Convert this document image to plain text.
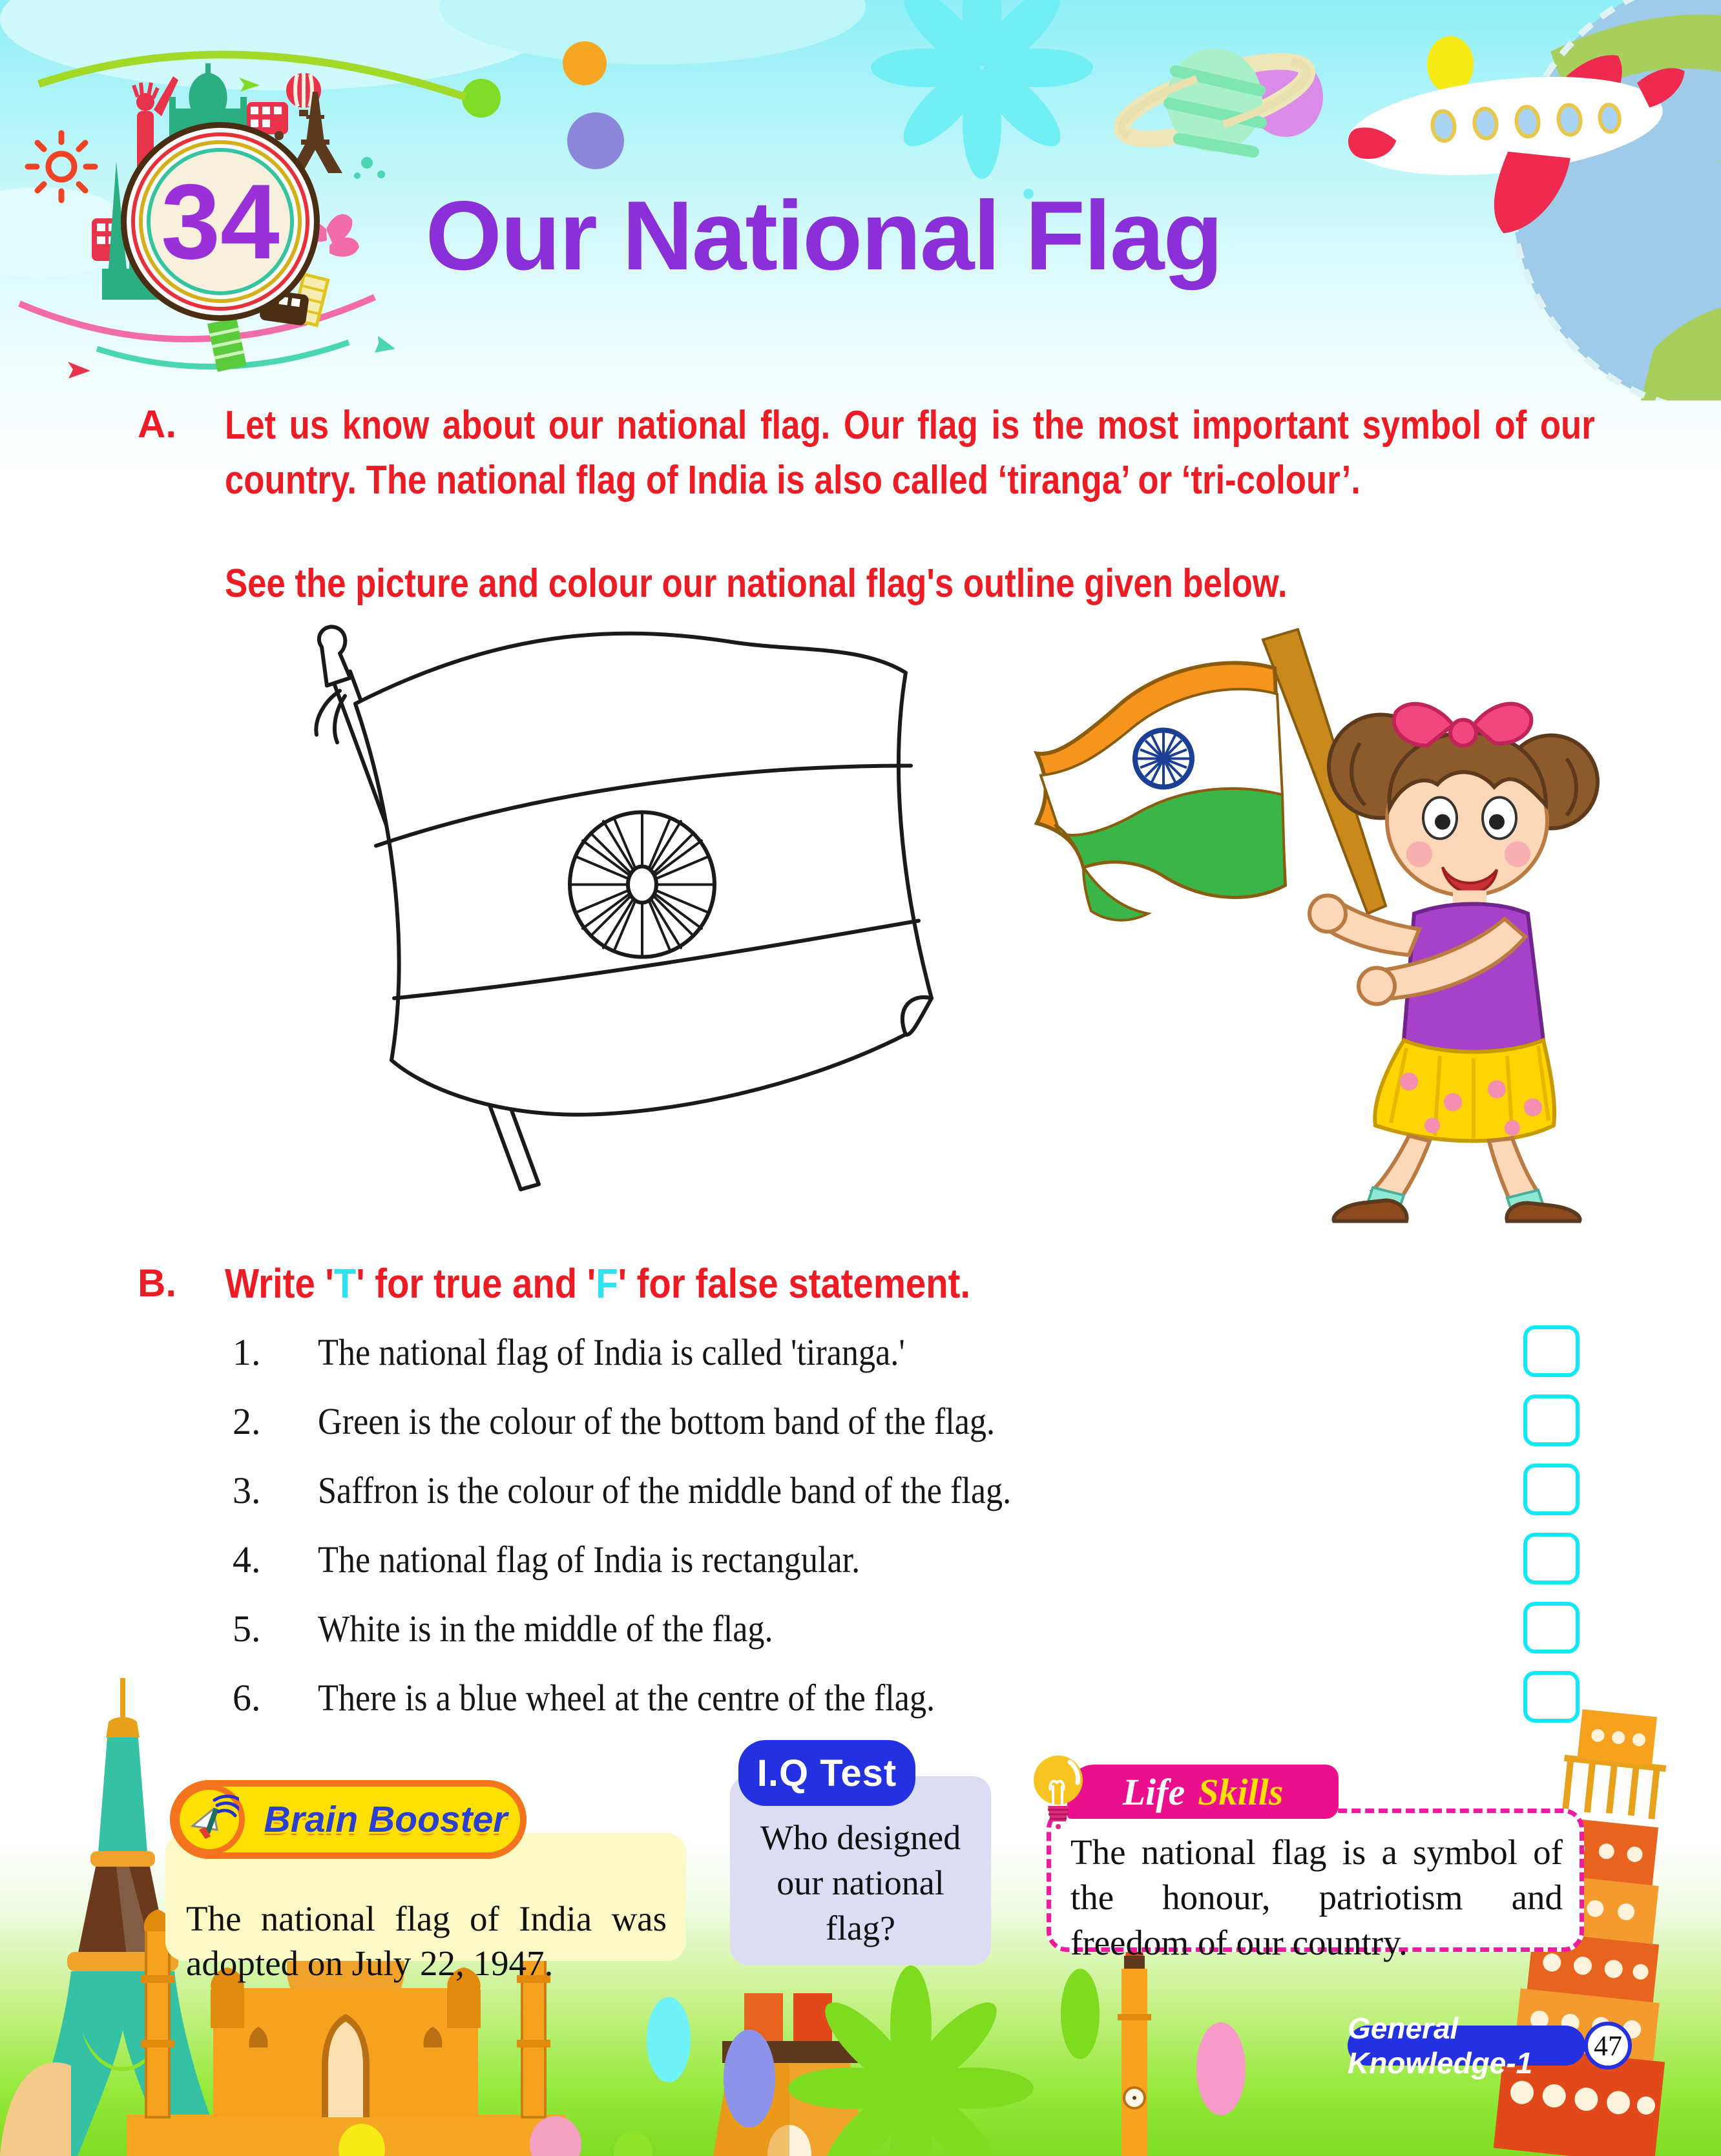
34	Our National Flag
A. Let us know about our national flag. Our flag is the most important symbol of our country. The national flag of India is also called ‘tiranga’ or ‘tri-colour’.
See the picture and colour our national flag's outline given below.
B. Write 'T' for true and 'F' for false statement.
1.	The national flag of India is called 'tiranga.'
2.	Green is the colour of the bottom band of the flag.
3.	Saffron is the colour of the middle band of the flag.
4.	The national flag of India is rectangular.
5.	White is in the middle of the flag.
6.	There is a blue wheel at the centre of the flag.
Brain Booster
The national flag of India was adopted on July 22, 1947.
I.Q Test
Who designed our national flag?
Life Skills
The national flag is a symbol of the honour, patriotism and freedom of our country.
General Knowledge-1
47
